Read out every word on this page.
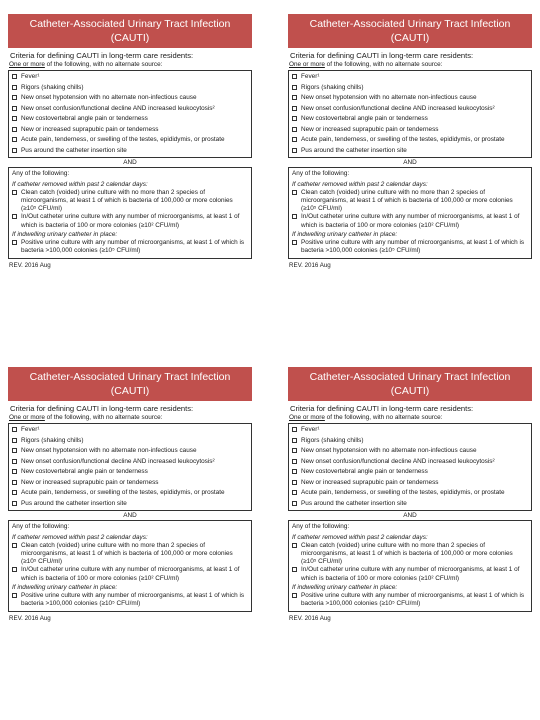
Catheter-Associated Urinary Tract Infection
(CAUTI)
Criteria for defining CAUTI in long-term care residents:
One or more of the following, with no alternate source:
Fever¹
Rigors (shaking chills)
New onset hypotension with no alternate non-infectious cause
New onset confusion/functional decline AND increased leukocytosis²
New costovertebral angle pain or tenderness
New or increased suprapubic pain or tenderness
Acute pain, tenderness, or swelling of the testes, epididymis, or prostate
Pus around the catheter insertion site
AND
Any of the following:
If catheter removed within past 2 calendar days:
Clean catch (voided) urine culture with no more than 2 species of microorganisms, at least 1 of which is bacteria of 100,000 or more colonies (≥10⁵ CFU/ml)
In/Out catheter urine culture with any number of microorganisms, at least 1 of which is bacteria of 100 or more colonies (≥10² CFU/ml)
If indwelling urinary catheter in place:
Positive urine culture with any number of microorganisms, at least 1 of which is bacteria >100,000 colonies (≥10⁵ CFU/ml)
REV. 2016 Aug
Catheter-Associated Urinary Tract Infection
(CAUTI)
Criteria for defining CAUTI in long-term care residents:
One or more of the following, with no alternate source:
Fever¹
Rigors (shaking chills)
New onset hypotension with no alternate non-infectious cause
New onset confusion/functional decline AND increased leukocytosis²
New costovertebral angle pain or tenderness
New or increased suprapubic pain or tenderness
Acute pain, tenderness, or swelling of the testes, epididymis, or prostate
Pus around the catheter insertion site
AND
Any of the following:
If catheter removed within past 2 calendar days:
Clean catch (voided) urine culture with no more than 2 species of microorganisms, at least 1 of which is bacteria of 100,000 or more colonies (≥10⁵ CFU/ml)
In/Out catheter urine culture with any number of microorganisms, at least 1 of which is bacteria of 100 or more colonies (≥10² CFU/ml)
If indwelling urinary catheter in place:
Positive urine culture with any number of microorganisms, at least 1 of which is bacteria >100,000 colonies (≥10⁵ CFU/ml)
REV. 2016 Aug
Catheter-Associated Urinary Tract Infection
(CAUTI)
Criteria for defining CAUTI in long-term care residents:
One or more of the following, with no alternate source:
Fever¹
Rigors (shaking chills)
New onset hypotension with no alternate non-infectious cause
New onset confusion/functional decline AND increased leukocytosis²
New costovertebral angle pain or tenderness
New or increased suprapubic pain or tenderness
Acute pain, tenderness, or swelling of the testes, epididymis, or prostate
Pus around the catheter insertion site
AND
Any of the following:
If catheter removed within past 2 calendar days:
Clean catch (voided) urine culture with no more than 2 species of microorganisms, at least 1 of which is bacteria of 100,000 or more colonies (≥10⁵ CFU/ml)
In/Out catheter urine culture with any number of microorganisms, at least 1 of which is bacteria of 100 or more colonies (≥10² CFU/ml)
If indwelling urinary catheter in place:
Positive urine culture with any number of microorganisms, at least 1 of which is bacteria >100,000 colonies (≥10⁵ CFU/ml)
REV. 2016 Aug
Catheter-Associated Urinary Tract Infection
(CAUTI)
Criteria for defining CAUTI in long-term care residents:
One or more of the following, with no alternate source:
Fever¹
Rigors (shaking chills)
New onset hypotension with no alternate non-infectious cause
New onset confusion/functional decline AND increased leukocytosis²
New costovertebral angle pain or tenderness
New or increased suprapubic pain or tenderness
Acute pain, tenderness, or swelling of the testes, epididymis, or prostate
Pus around the catheter insertion site
AND
Any of the following:
If catheter removed within past 2 calendar days:
Clean catch (voided) urine culture with no more than 2 species of microorganisms, at least 1 of which is bacteria of 100,000 or more colonies (≥10⁵ CFU/ml)
In/Out catheter urine culture with any number of microorganisms, at least 1 of which is bacteria of 100 or more colonies (≥10² CFU/ml)
If indwelling urinary catheter in place:
Positive urine culture with any number of microorganisms, at least 1 of which is bacteria >100,000 colonies (≥10⁵ CFU/ml)
REV. 2016 Aug
